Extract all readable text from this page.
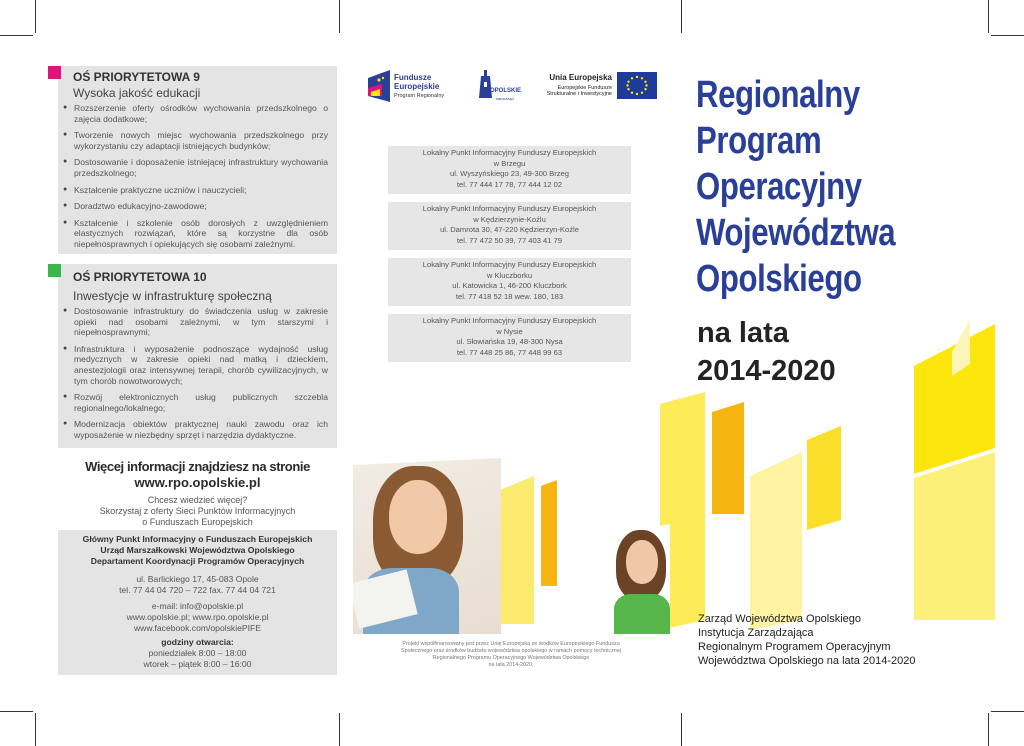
OŚ PRIORYTETOWA 9
Wysoka jakość edukacji
● Rozszerzenie oferty ośrodków wychowania przedszkolnego o zajęcia dodatkowe;
● Tworzenie nowych miejsc wychowania przedszkolnego przy wykorzystaniu czy adaptacji istniejących budynków;
● Dostosowanie i doposażenie istniejącej infrastruktury wychowania przedszkolnego;
● Kształcenie praktyczne uczniów i nauczycieli;
● Doradztwo edukacyjno-zawodowe;
● Kształcenie i szkolenie osób dorosłych z uwzględnieniem elastycznych rozwiązań, które są korzystne dla osób niepełnosprawnych i opiekujących się osobami zależnymi.
OŚ PRIORYTETOWA 10
Inwestycje w infrastrukturę społeczną
● Dostosowanie infrastruktury do świadczenia usług w zakresie opieki nad osobami zależnymi, w tym starszymi i niepełnosprawnymi;
● Infrastruktura i wyposażenie podnoszące wydajność usług medycznych w zakresie opieki nad matką i dzieckiem, anestezjologii oraz intensywnej terapii, chorób cywilizacyjnych, w tym chorób nowotworowych;
● Rozwój elektronicznych usług publicznych szczebla regionalnego/lokalnego;
● Modernizacja obiektów praktycznej nauki zawodu oraz ich wyposażenie w niezbędny sprzęt i narzędzia dydaktyczne.
Więcej informacji znajdziesz na stronie
www.rpo.opolskie.pl
Chcesz wiedzieć więcej?
Skorzystaj z oferty Sieci Punktów Informacyjnych
o Funduszach Europejskich
Główny Punkt Informacyjny o Funduszach Europejskich
Urząd Marszałkowski Województwa Opolskiego
Departament Koordynacji Programów Operacyjnych
ul. Barlickiego 17, 45-083 Opole
tel. 77 44 04 720 – 722 fax. 77 44 04 721
e-mail: info@opolskie.pl
www.opolskie.pl; www.rpo.opolskie.pl
www.facebook.com/opolskiePIFE
godziny otwarcia:
poniedziałek 8:00 – 18:00
wtorek – piątek 8:00 – 16:00
Fundusze
Europejskie
Program Regionalny
OPOLSKIE
samorząd
Unia Europejska
Europejskie Fundusze
Strukturalne i Inwestycyjne
Lokalny Punkt Informacyjny Funduszy Europejskich
w Brzegu
ul. Wyszyńskiego 23, 49-300 Brzeg
tel. 77 444 17 78, 77 444 12 02
Lokalny Punkt Informacyjny Funduszy Europejskich
w Kędzierzynie-Koźlu
ul. Damrota 30, 47-220 Kędzierzyn-Koźle
tel. 77 472 50 39, 77 403 41 79
Lokalny Punkt Informacyjny Funduszy Europejskich
w Kluczborku
ul. Katowicka 1, 46-200 Kluczbork
tel. 77 418 52 18 wew. 180, 183
Lokalny Punkt Informacyjny Funduszy Europejskich
w Nysie
ul. Słowiańska 19, 48-300 Nysa
tel. 77 448 25 86, 77 448 99 63
Projekt współfinansowany jest przez Unię Europejską ze środków Europejskiego Funduszu
Społecznego oraz środków budżetu województwa opolskiego w ramach pomocy technicznej
Regionalnego Programu Operacyjnego Województwa Opolskiego
na lata 2014-2020.
Regionalny
Program
Operacyjny
Województwa
Opolskiego
na lata
2014-2020
Zarząd Województwa Opolskiego
Instytucja Zarządzająca
Regionalnym Programem Operacyjnym
Województwa Opolskiego na lata 2014-2020
